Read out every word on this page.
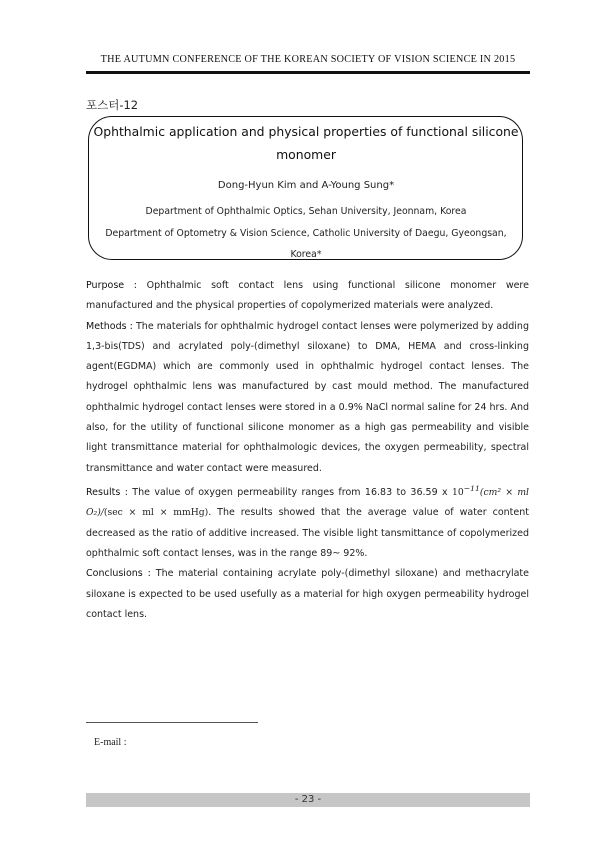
THE AUTUMN CONFERENCE OF THE KOREAN SOCIETY OF VISION SCIENCE IN 2015
포스터-12
Ophthalmic application and physical properties of functional silicone
monomer
Dong-Hyun Kim and A-Young Sung*
Department of Ophthalmic Optics, Sehan University, Jeonnam, Korea
Department of Optometry & Vision Science, Catholic University of Daegu, Gyeongsan,
Korea*

Purpose : Ophthalmic soft contact lens using functional silicone monomer were manufactured and the physical properties of copolymerized materials were analyzed.

Methods : The materials for ophthalmic hydrogel contact lenses were polymerized by adding 1,3-bis(TDS) and acrylated poly-(dimethyl siloxane) to DMA, HEMA and cross-linking agent(EGDMA) which are commonly used in ophthalmic hydrogel contact lenses. The hydrogel ophthalmic lens was manufactured by cast mould method. The manufactured ophthalmic hydrogel contact lenses were stored in a 0.9% NaCl normal saline for 24 hrs. And also, for the utility of functional silicone monomer as a high gas permeability and visible light transmittance material for ophthalmologic devices, the oxygen permeability, spectral transmittance and water contact were measured.

Results : The value of oxygen permeability ranges from 16.83 to 36.59 x $10^{-11}(cm^2$ × ml O₂)/(sec × ml × mmHg). The results showed that the average value of water content decreased as the ratio of additive increased. The visible light tansmittance of copolymerized ophthalmic soft contact lenses, was in the range 89~ 92%.

Conclusions : The material containing acrylate poly-(dimethyl siloxane) and methacrylate siloxane is expected to be used usefully as a material for high oxygen permeability hydrogel contact lens.

E-mail :
- 23 -
